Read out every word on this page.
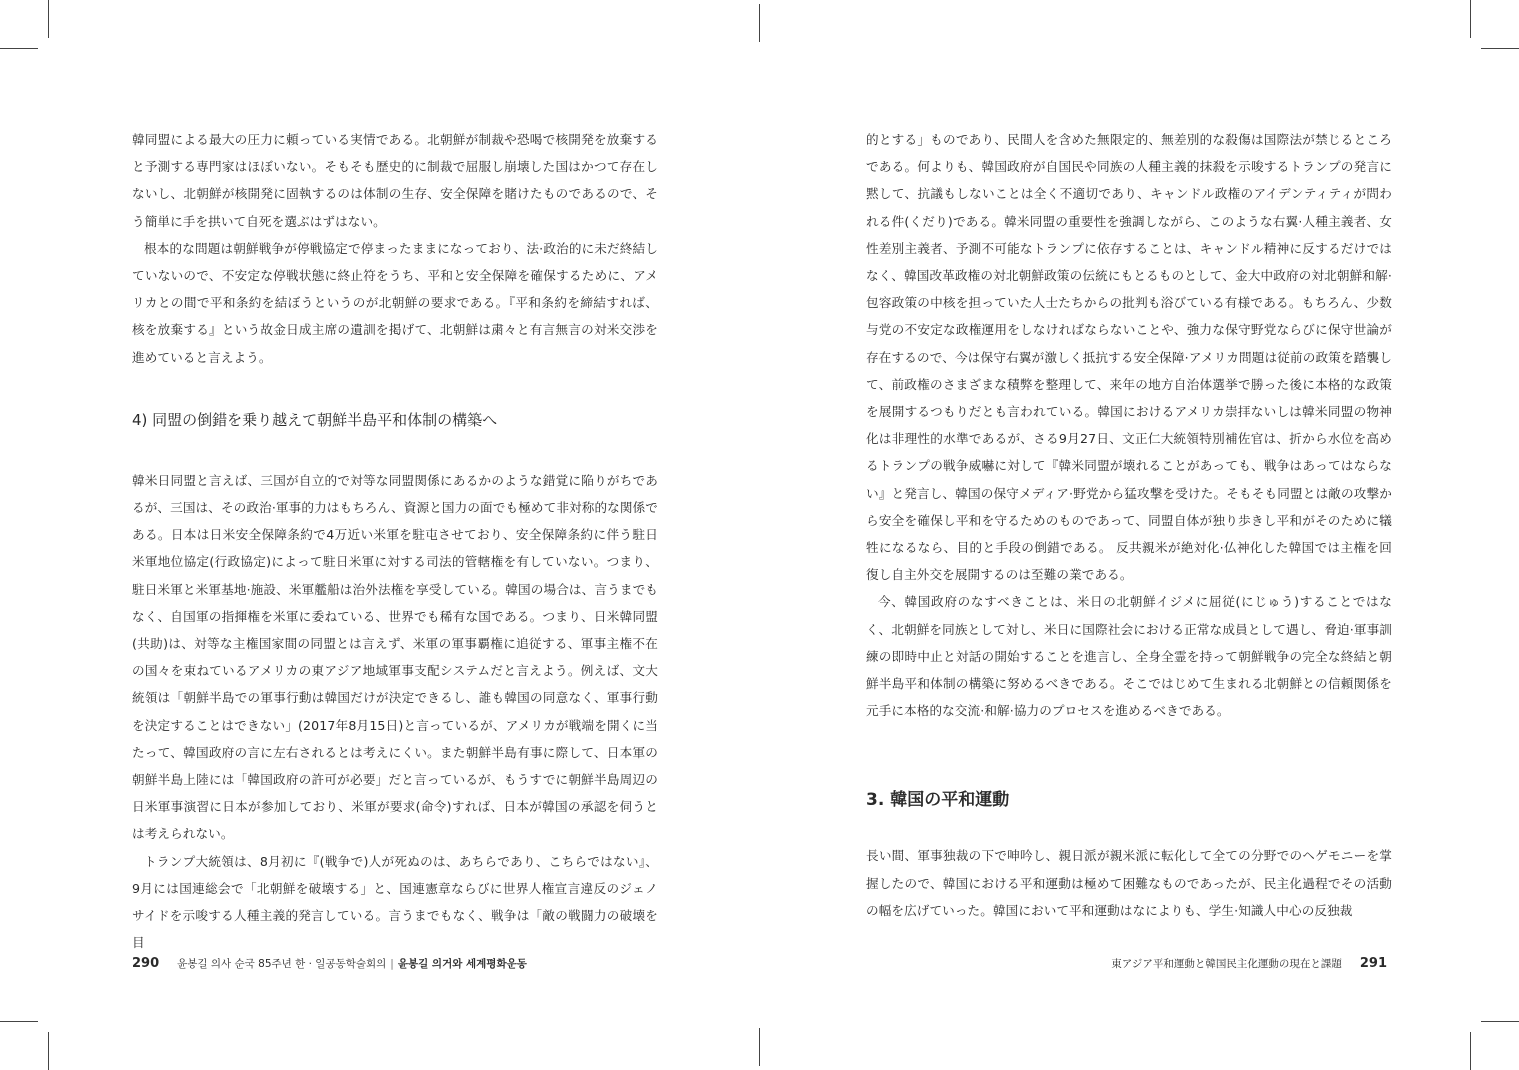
韓同盟による最大の圧力に頼っている実情である。北朝鮮が制裁や恐喝で核開発を放棄すると予測する専門家はほぼいない。そもそも歴史的に制裁で屈服し崩壊した国はかつて存在しないし、北朝鮮が核開発に固執するのは体制の生存、安全保障を賭けたものであるので、そう簡単に手を拱いて自死を選ぶはずはない。

根本的な問題は朝鮮戦争が停戦協定で停まったままになっており、法·政治的に未だ終結していないので、不安定な停戦状態に終止符をうち、平和と安全保障を確保するために、アメリカとの間で平和条約を結ぼうというのが北朝鮮の要求である。『平和条約を締結すれば、核を放棄する』という故金日成主席の遺訓を掲げて、北朝鮮は粛々と有言無言の対米交渉を進めていると言えよう。

4) 同盟の倒錯を乗り越えて朝鮮半島平和体制の構築へ

韓米日同盟と言えば、三国が自立的で対等な同盟関係にあるかのような錯覚に陥りがちであるが、三国は、その政治·軍事的力はもちろん、資源と国力の面でも極めて非対称的な関係である。日本は日米安全保障条約で4万近い米軍を駐屯させており、安全保障条約に伴う駐日米軍地位協定(行政協定)によって駐日米軍に対する司法的管轄権を有していない。つまり、駐日米軍と米軍基地·施設、米軍艦船は治外法権を享受している。韓国の場合は、言うまでもなく、自国軍の指揮権を米軍に委ねている、世界でも稀有な国である。つまり、日米韓同盟(共助)は、対等な主権国家間の同盟とは言えず、米軍の軍事覇権に追従する、軍事主権不在の国々を束ねているアメリカの東アジア地域軍事支配システムだと言えよう。例えば、文大統領は「朝鮮半島での軍事行動は韓国だけが決定できるし、誰も韓国の同意なく、軍事行動を決定することはできない」(2017年8月15日)と言っているが、アメリカが戦端を開くに当たって、韓国政府の言に左右されるとは考えにくい。また朝鮮半島有事に際して、日本軍の朝鮮半島上陸には「韓国政府の許可が必要」だと言っているが、もうすでに朝鮮半島周辺の日米軍事演習に日本が参加しており、米軍が要求(命令)すれば、日本が韓国の承認を伺うとは考えられない。

トランプ大統領は、8月初に『(戦争で)人が死ぬのは、あちらであり、こちらではない』、9月には国連総会で「北朝鮮を破壊する」と、国連憲章ならびに世界人権宣言違反のジェノサイドを示唆する人種主義的発言している。言うまでもなく、戦争は「敵の戦闘力の破壊を目

290 윤봉길 의사 순국 85주년 한 · 일공동학술회의 | 윤봉길 의거와 세계평화운동

的とする」ものであり、民間人を含めた無限定的、無差別的な殺傷は国際法が禁じるところである。何よりも、韓国政府が自国民や同族の人種主義的抹殺を示唆するトランプの発言に黙して、抗議もしないことは全く不適切であり、キャンドル政権のアイデンティティが問われる件(くだり)である。韓米同盟の重要性を強調しながら、このような右翼·人種主義者、女性差別主義者、予測不可能なトランプに依存することは、キャンドル精神に反するだけではなく、韓国改革政権の対北朝鮮政策の伝統にもとるものとして、金大中政府の対北朝鮮和解·包容政策の中核を担っていた人士たちからの批判も浴びている有様である。もちろん、少数与党の不安定な政権運用をしなければならないことや、強力な保守野党ならびに保守世論が存在するので、今は保守右翼が激しく抵抗する安全保障·アメリカ問題は従前の政策を踏襲して、前政権のさまざまな積弊を整理して、来年の地方自治体選挙で勝った後に本格的な政策を展開するつもりだとも言われている。韓国におけるアメリカ崇拝ないしは韓米同盟の物神化は非理性的水準であるが、さる9月27日、文正仁大統領特別補佐官は、折から水位を高めるトランプの戦争威嚇に対して『韓米同盟が壊れることがあっても、戦争はあってはならない』と発言し、韓国の保守メディア·野党から猛攻撃を受けた。そもそも同盟とは敵の攻撃から安全を確保し平和を守るためのものであって、同盟自体が独り歩きし平和がそのために犠牲になるなら、目的と手段の倒錯である。 反共親米が絶対化·仏神化した韓国では主権を回復し自主外交を展開するのは至難の業である。

今、韓国政府のなすべきことは、米日の北朝鮮イジメに屈従(にじゅう)することではなく、北朝鮮を同族として対し、米日に国際社会における正常な成員として遇し、脅迫·軍事訓練の即時中止と対話の開始することを進言し、全身全霊を持って朝鮮戦争の完全な終結と朝鮮半島平和体制の構築に努めるべきである。そこではじめて生まれる北朝鮮との信頼関係を元手に本格的な交流·和解·協力のプロセスを進めるべきである。

3. 韓国の平和運動

長い間、軍事独裁の下で呻吟し、親日派が親米派に転化して全ての分野でのヘゲモニーを掌握したので、韓国における平和運動は極めて困難なものであったが、民主化過程でその活動の幅を広げていった。韓国において平和運動はなによりも、学生·知識人中心の反独裁

東アジア平和運動と韓国民主化運動の現在と課題 291
